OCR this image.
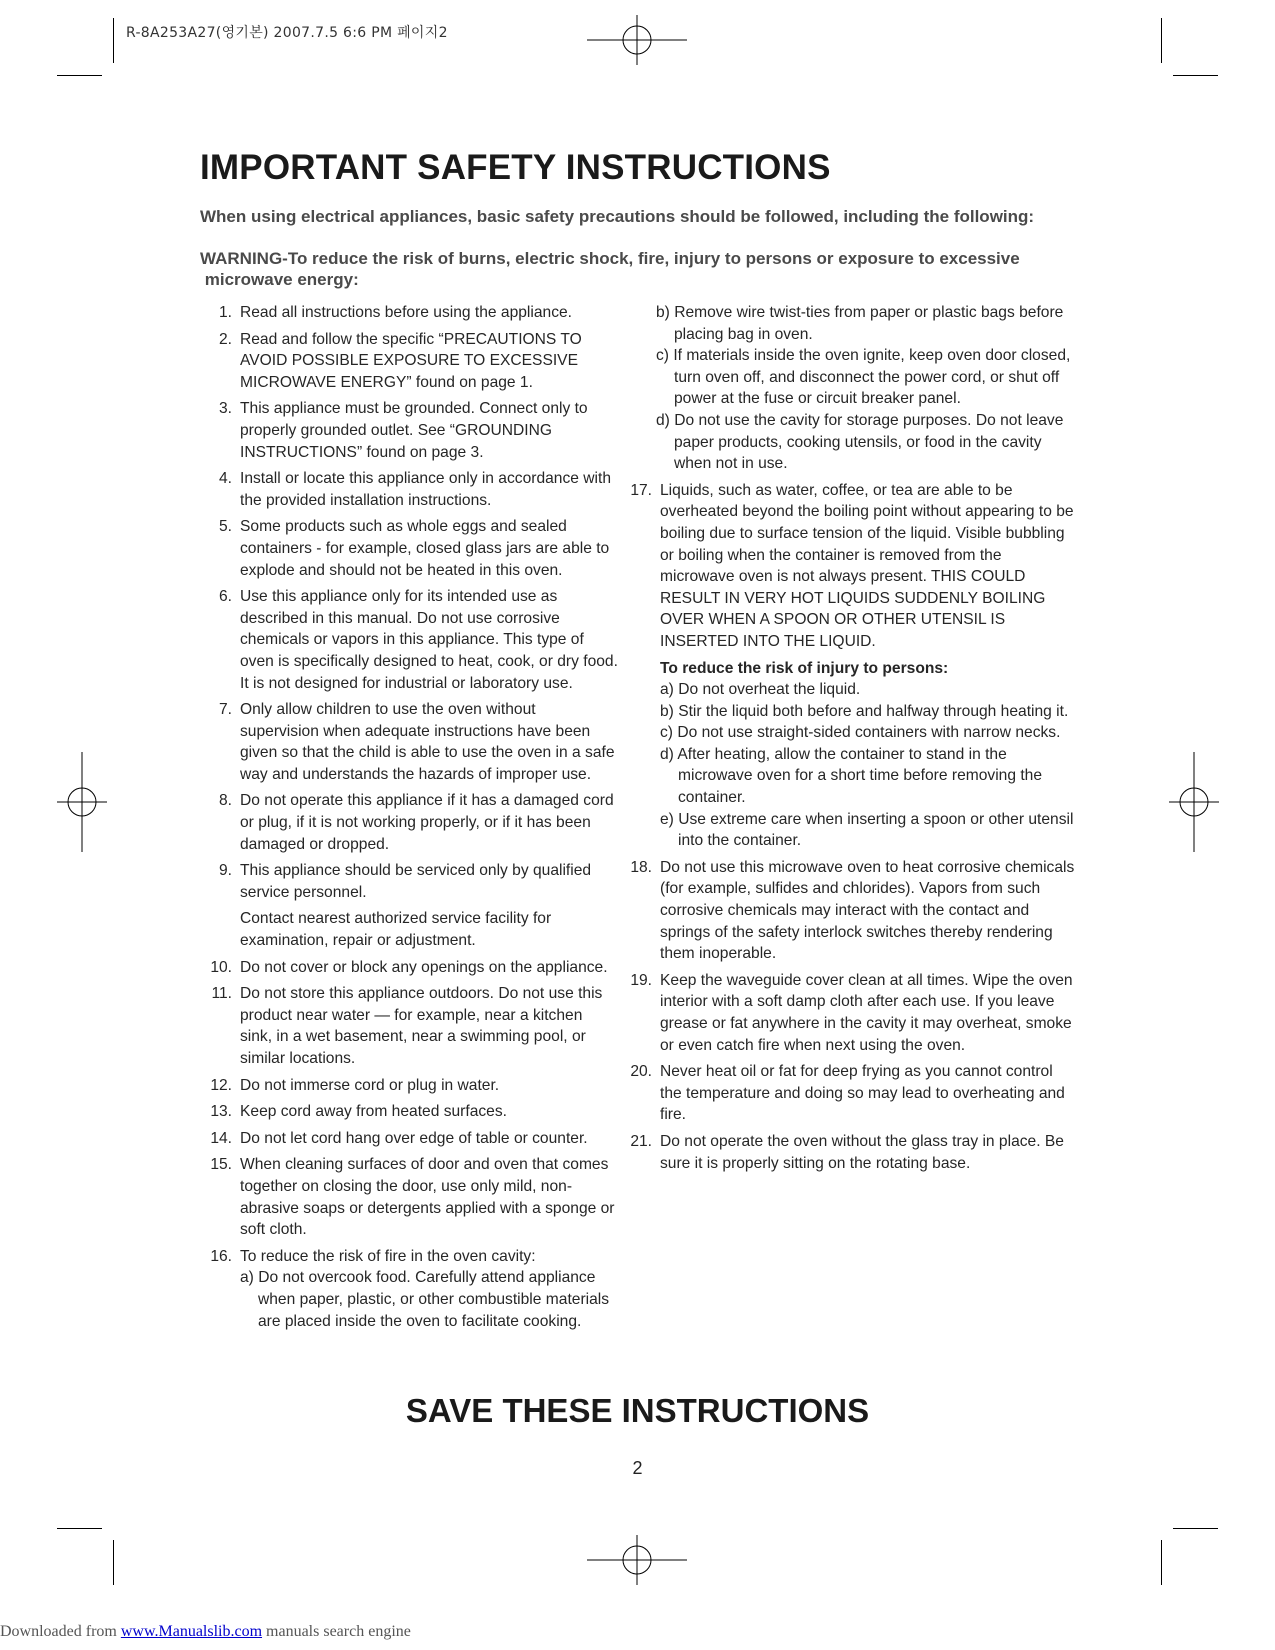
R-8A253A27(영기본) 2007.7.5 6:6 PM 페이지2
IMPORTANT SAFETY INSTRUCTIONS

When using electrical appliances, basic safety precautions should be followed, including the following:

WARNING-To reduce the risk of burns, electric shock, fire, injury to persons or exposure to excessive
microwave energy:

1. Read all instructions before using the appliance.
2. Read and follow the specific “PRECAUTIONS TO AVOID POSSIBLE EXPOSURE TO EXCESSIVE MICROWAVE ENERGY” found on page 1.
3. This appliance must be grounded. Connect only to properly grounded outlet. See “GROUNDING INSTRUCTIONS” found on page 3.
4. Install or locate this appliance only in accordance with the provided installation instructions.
5. Some products such as whole eggs and sealed containers - for example, closed glass jars are able to explode and should not be heated in this oven.
6. Use this appliance only for its intended use as described in this manual. Do not use corrosive chemicals or vapors in this appliance. This type of oven is specifically designed to heat, cook, or dry food. It is not designed for industrial or laboratory use.
7. Only allow children to use the oven without supervision when adequate instructions have been given so that the child is able to use the oven in a safe way and understands the hazards of improper use.
8. Do not operate this appliance if it has a damaged cord or plug, if it is not working properly, or if it has been damaged or dropped.
9. This appliance should be serviced only by qualified service personnel.
Contact nearest authorized service facility for examination, repair or adjustment.
10. Do not cover or block any openings on the appliance.
11. Do not store this appliance outdoors. Do not use this product near water — for example, near a kitchen sink, in a wet basement, near a swimming pool, or similar locations.
12. Do not immerse cord or plug in water.
13. Keep cord away from heated surfaces.
14. Do not let cord hang over edge of table or counter.
15. When cleaning surfaces of door and oven that comes together on closing the door, use only mild, non-abrasive soaps or detergents applied with a sponge or soft cloth.
16. To reduce the risk of fire in the oven cavity:
a) Do not overcook food. Carefully attend appliance when paper, plastic, or other combustible materials are placed inside the oven to facilitate cooking.
b) Remove wire twist-ties from paper or plastic bags before placing bag in oven.
c) If materials inside the oven ignite, keep oven door closed, turn oven off, and disconnect the power cord, or shut off power at the fuse or circuit breaker panel.
d) Do not use the cavity for storage purposes. Do not leave paper products, cooking utensils, or food in the cavity when not in use.
17. Liquids, such as water, coffee, or tea are able to be overheated beyond the boiling point without appearing to be boiling due to surface tension of the liquid. Visible bubbling or boiling when the container is removed from the microwave oven is not always present. THIS COULD RESULT IN VERY HOT LIQUIDS SUDDENLY BOILING OVER WHEN A SPOON OR OTHER UTENSIL IS INSERTED INTO THE LIQUID.
To reduce the risk of injury to persons:
a) Do not overheat the liquid.
b) Stir the liquid both before and halfway through heating it.
c) Do not use straight-sided containers with narrow necks.
d) After heating, allow the container to stand in the microwave oven for a short time before removing the container.
e) Use extreme care when inserting a spoon or other utensil into the container.
18. Do not use this microwave oven to heat corrosive chemicals (for example, sulfides and chlorides). Vapors from such corrosive chemicals may interact with the contact and springs of the safety interlock switches thereby rendering them inoperable.
19. Keep the waveguide cover clean at all times. Wipe the oven interior with a soft damp cloth after each use. If you leave grease or fat anywhere in the cavity it may overheat, smoke or even catch fire when next using the oven.
20. Never heat oil or fat for deep frying as you cannot control the temperature and doing so may lead to overheating and fire.
21. Do not operate the oven without the glass tray in place. Be sure it is properly sitting on the rotating base.
SAVE THESE INSTRUCTIONS
2
Downloaded from www.Manualslib.com manuals search engine
